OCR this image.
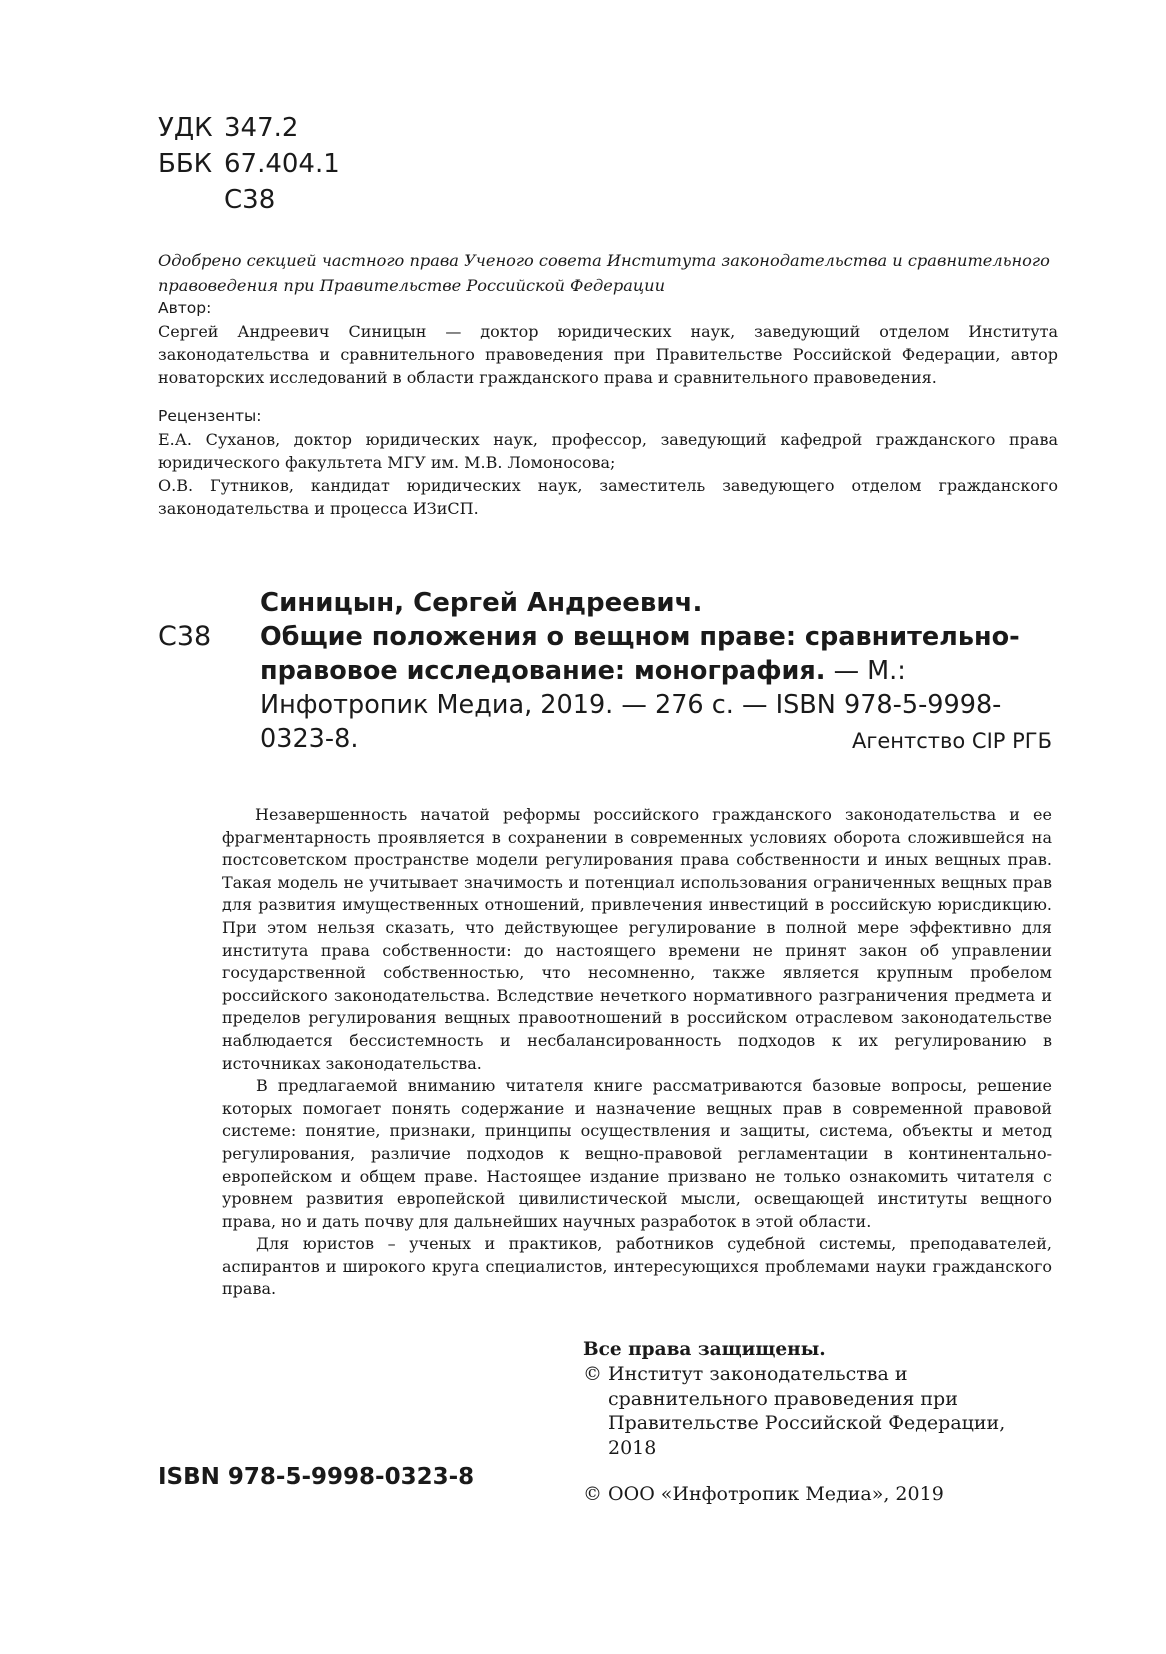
УДК 347.2
ББК 67.404.1
С38
Одобрено секцией частного права Ученого совета Института законодательства и сравнительного правоведения при Правительстве Российской Федерации
Автор:
Сергей Андреевич Синицын — доктор юридических наук, заведующий отделом Института законодательства и сравнительного правоведения при Правительстве Российской Федерации, автор новаторских исследований в области гражданского права и сравнительного правоведения.
Рецензенты:
Е.А. Суханов, доктор юридических наук, профессор, заведующий кафедрой гражданского права юридического факультета МГУ им. М.В. Ломоносова;
О.В. Гутников, кандидат юридических наук, заместитель заведующего отделом гражданского законодательства и процесса ИЗиСП.
С38
Синицын, Сергей Андреевич.
Общие положения о вещном праве: сравнительно-правовое исследование: монография. — М.: Инфотропик Медиа, 2019. — 276 с. — ISBN 978-5-9998-0323-8.	Агентство CIP РГБ

Незавершенность начатой реформы российского гражданского законодательства и ее фрагментарность проявляется в сохранении в современных условиях оборота сложившейся на постсоветском пространстве модели регулирования права собственности и иных вещных прав. Такая модель не учитывает значимость и потенциал использования ограниченных вещных прав для развития имущественных отношений, привлечения инвестиций в российскую юрисдикцию. При этом нельзя сказать, что действующее регулирование в полной мере эффективно для института права собственности: до настоящего времени не принят закон об управлении государственной собственностью, что несомненно, также является крупным пробелом российского законодательства. Вследствие нечеткого нормативного разграничения предмета и пределов регулирования вещных правоотношений в российском отраслевом законодательстве наблюдается бессистемность и несбалансированность подходов к их регулированию в источниках законодательства.

В предлагаемой вниманию читателя книге рассматриваются базовые вопросы, решение которых помогает понять содержание и назначение вещных прав в современной правовой системе: понятие, признаки, принципы осуществления и защиты, система, объекты и метод регулирования, различие подходов к вещно-правовой регламентации в континентально-европейском и общем праве. Настоящее издание призвано не только ознакомить читателя с уровнем развития европейской цивилистической мысли, освещающей институты вещного права, но и дать почву для дальнейших научных разработок в этой области.

Для юристов – ученых и практиков, работников судебной системы, преподавателей, аспирантов и широкого круга специалистов, интересующихся проблемами науки гражданского права.

Все права защищены.
© Институт законодательства и сравнительного правоведения при Правительстве Российской Федерации, 2018
© ООО «Инфотропик Медиа», 2019
ISBN 978-5-9998-0323-8
